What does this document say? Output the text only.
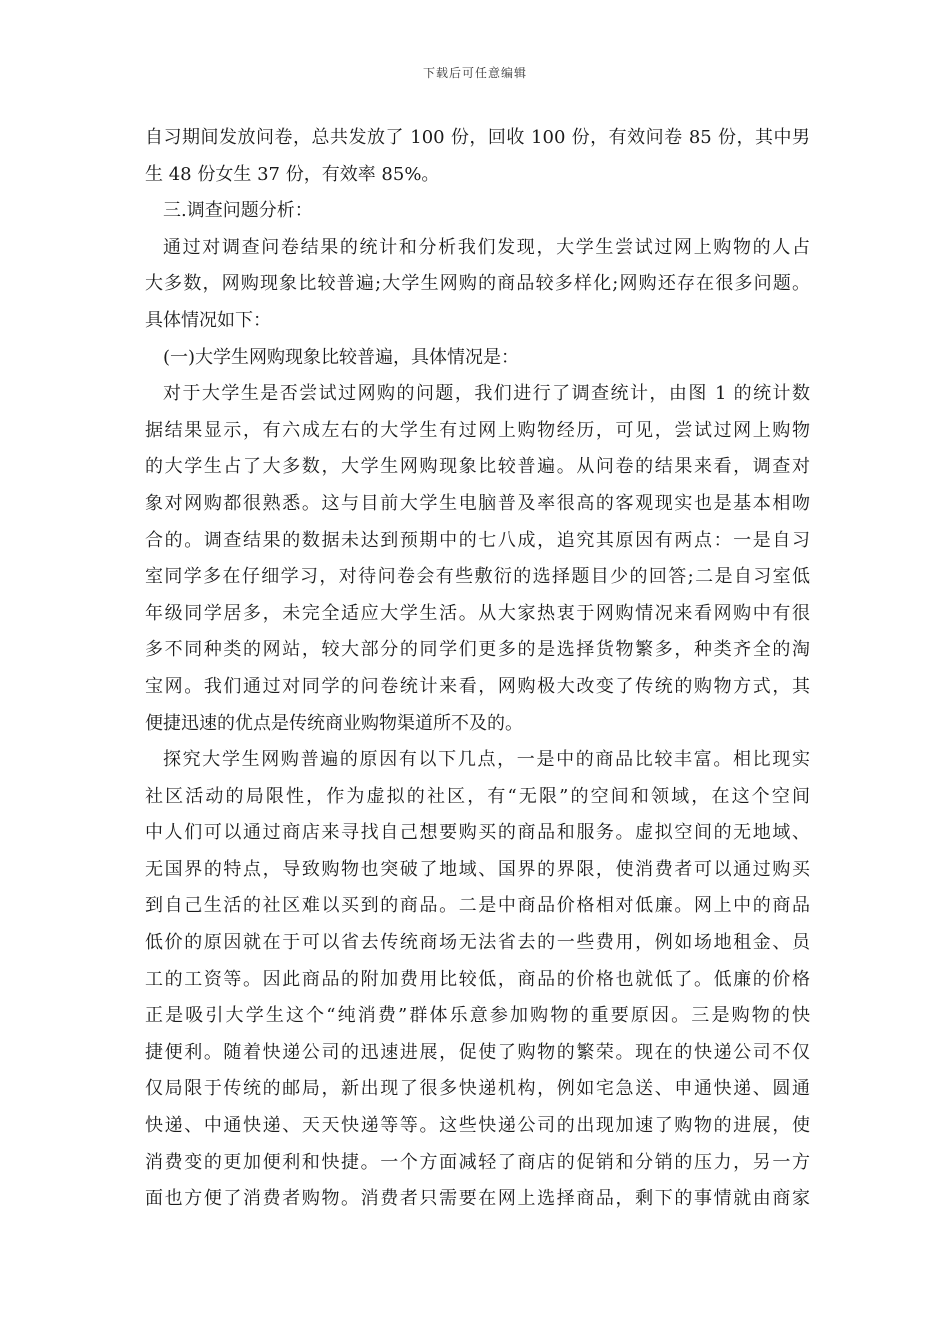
下载后可任意编辑
自习期间发放问卷，总共发放了 100 份，回收 100 份，有效问卷 85 份，其中男
生 48 份女生 37 份，有效率 85%。
三.调查问题分析：
通过对调查问卷结果的统计和分析我们发现，大学生尝试过网上购物的人占
大多数，网购现象比较普遍;大学生网购的商品较多样化;网购还存在很多问题。
具体情况如下：
(一)大学生网购现象比较普遍，具体情况是：
对于大学生是否尝试过网购的问题，我们进行了调查统计，由图 1 的统计数
据结果显示，有六成左右的大学生有过网上购物经历，可见，尝试过网上购物
的大学生占了大多数，大学生网购现象比较普遍。从问卷的结果来看，调查对
象对网购都很熟悉。这与目前大学生电脑普及率很高的客观现实也是基本相吻
合的。调查结果的数据未达到预期中的七八成，追究其原因有两点：一是自习
室同学多在仔细学习，对待问卷会有些敷衍的选择题目少的回答;二是自习室低
年级同学居多，未完全适应大学生活。从大家热衷于网购情况来看网购中有很
多不同种类的网站，较大部分的同学们更多的是选择货物繁多，种类齐全的淘
宝网。我们通过对同学的问卷统计来看，网购极大改变了传统的购物方式，其
便捷迅速的优点是传统商业购物渠道所不及的。
探究大学生网购普遍的原因有以下几点，一是中的商品比较丰富。相比现实
社区活动的局限性，作为虚拟的社区，有“无限”的空间和领域，在这个空间
中人们可以通过商店来寻找自己想要购买的商品和服务。虚拟空间的无地域、
无国界的特点，导致购物也突破了地域、国界的界限，使消费者可以通过购买
到自己生活的社区难以买到的商品。二是中商品价格相对低廉。网上中的商品
低价的原因就在于可以省去传统商场无法省去的一些费用，例如场地租金、员
工的工资等。因此商品的附加费用比较低，商品的价格也就低了。低廉的价格
正是吸引大学生这个“纯消费”群体乐意参加购物的重要原因。三是购物的快
捷便利。随着快递公司的迅速进展，促使了购物的繁荣。现在的快递公司不仅
仅局限于传统的邮局，新出现了很多快递机构，例如宅急送、申通快递、圆通
快递、中通快递、天天快递等等。这些快递公司的出现加速了购物的进展，使
消费变的更加便利和快捷。一个方面减轻了商店的促销和分销的压力，另一方
面也方便了消费者购物。消费者只需要在网上选择商品，剩下的事情就由商家
